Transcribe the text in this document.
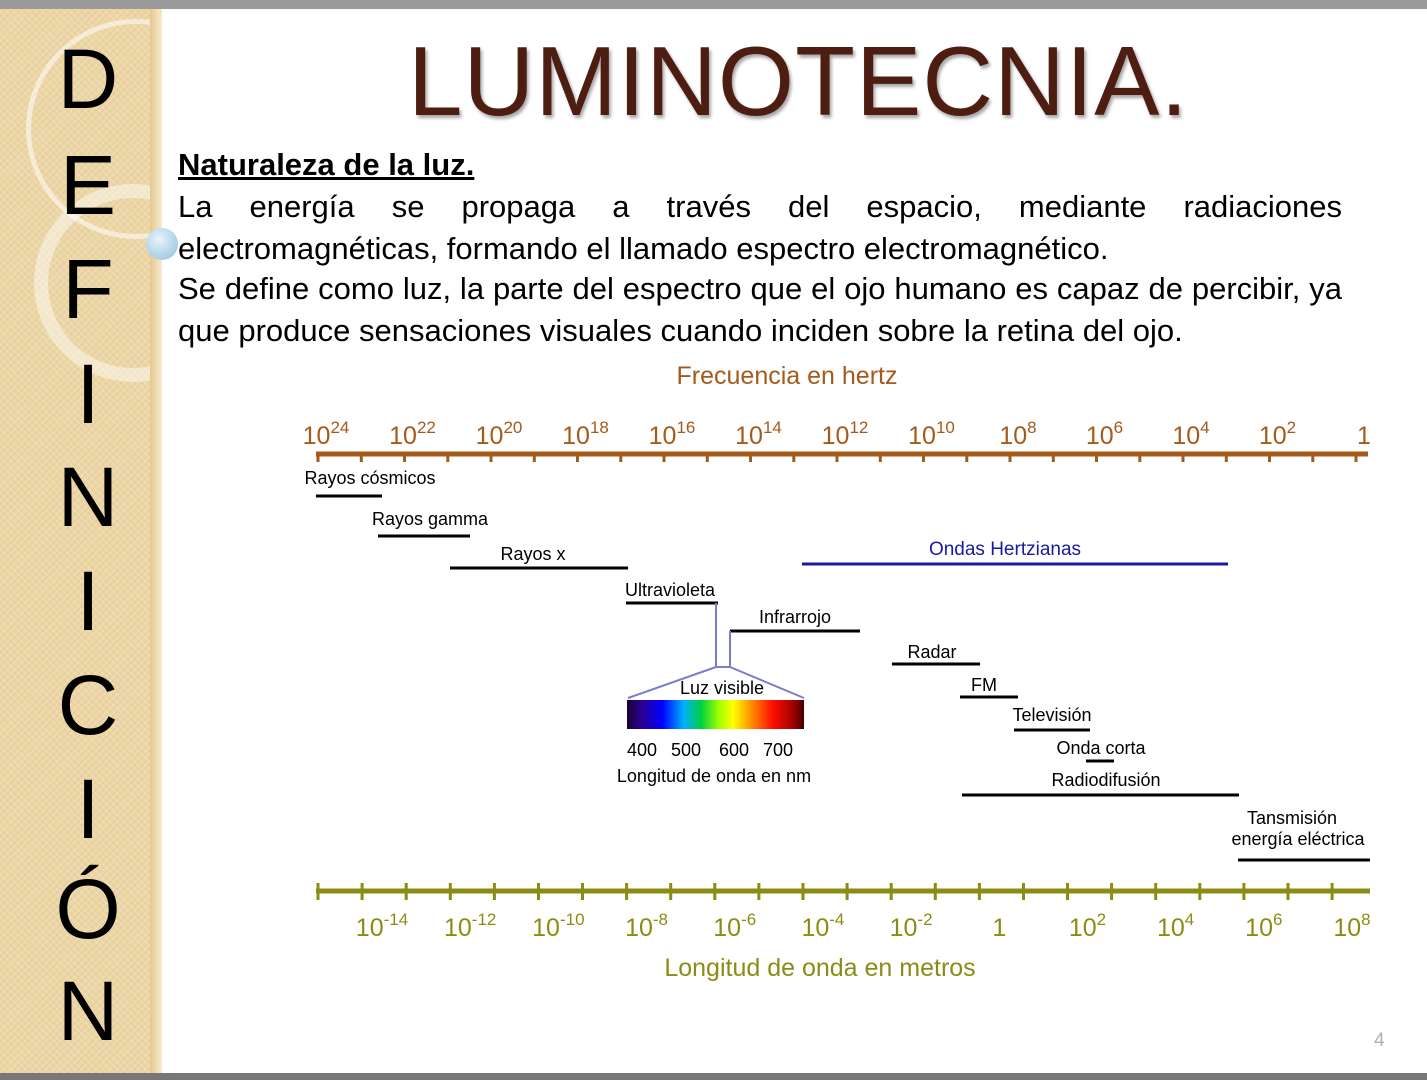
D
E
F
I
N
I
C
I
Ó
N
LUMINOTECNIA.
Naturaleza de la luz.

La energía se propaga a través del espacio, mediante radiaciones electromagnéticas, formando el llamado espectro electromagnético.

Se define como luz, la parte del espectro que el ojo humano es capaz de percibir, ya que produce sensaciones visuales cuando inciden sobre la retina del ojo.

Frecuencia en hertz
1024 1022 1020 1018 1016 1014 1012 1010 108 106 104 102 1
Rayos cósmicos
Rayos gamma
Rayos x	Ondas Hertzianas
Ultravioleta
Infrarrojo
Radar
FM
Televisión
Onda corta
Radiodifusión
Tansmisión
energía eléctrica
Luz visible
400 500 600 700
Longitud de onda en nm
10-14 10-12 10-10 10-8 10-6 10-4 10-2 1	102 104 106 108
Longitud de onda en metros
4
